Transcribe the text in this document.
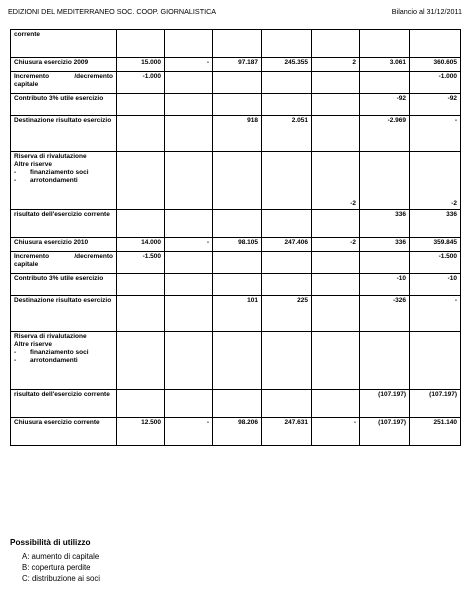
EDIZIONI DEL MEDITERRANEO SOC. COOP. GIORNALISTICA	Bilancio al 31/12/2011
corrente							
Chiusura esercizio 2009	15.000	-	97.187	245.355	2	3.061	360.605
Incremento /decremento capitale	-1.000						-1.000
Contributo 3% utile esercizio						-92	-92
Destinazione risultato esercizio			918	2.051		-2.969	-

Riserva di rivalutazione
Altre riserve
- finanziamento soci
- arrotondamenti					-2		-2
risultato dell'esercizio corrente						336	336
Chiusura esercizio 2010	14.000	-	98.105	247.406	-2	336	359.845
Incremento /decremento capitale	-1.500						-1.500
Contributo 3% utile esercizio						-10	-10
Destinazione risultato esercizio			101	225		-326	-

Riserva di rivalutazione
Altre riserve
- finanziamento soci
- arrotondamenti							

risultato dell'esercizio corrente						(107.197)	(107.197)
Chiusura esercizio corrente	12.500	-	98.206	247.631	-	(107.197)	251.140
Possibilità di utilizzo
A: aumento di capitale
B: copertura perdite
C: distribuzione ai soci
